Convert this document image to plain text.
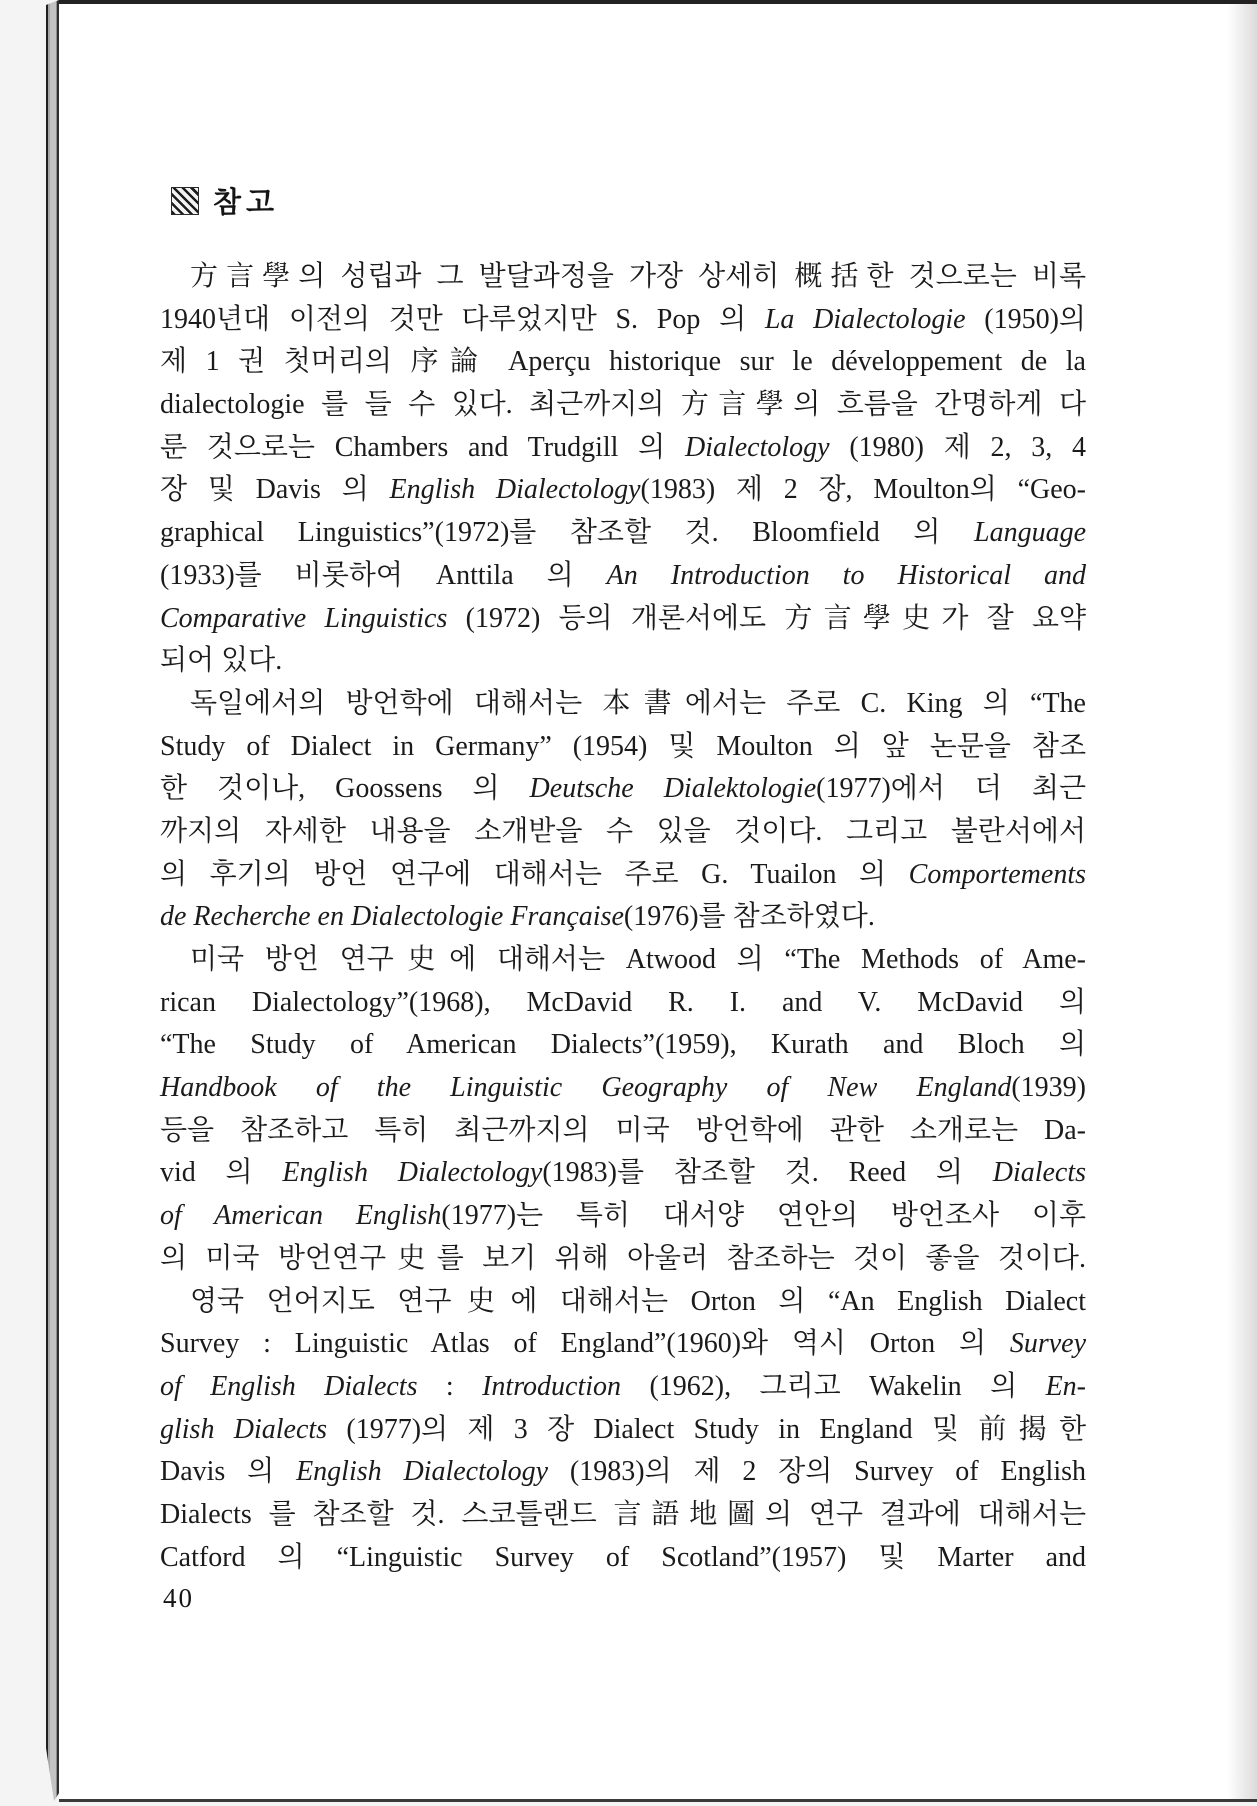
참고
方言學의 성립과 그 발달과정을 가장 상세히 概括한 것으로는 비록
1940년대 이전의 것만 다루었지만 S. Pop 의 La Dialectologie (1950)의
제 1 권 첫머리의 序論 Aperçu historique sur le développement de la
dialectologie 를 들 수 있다. 최근까지의 方言學의 흐름을 간명하게 다
룬 것으로는 Chambers and Trudgill 의 Dialectology (1980) 제 2, 3, 4
장 및 Davis 의 English Dialectology(1983) 제 2 장, Moulton의 “Geo-
graphical Linguistics”(1972)를 참조할 것. Bloomfield 의 Language
(1933)를 비롯하여 Anttila 의 An Introduction to Historical and
Comparative Linguistics (1972) 등의 개론서에도 方言學史가 잘 요약
되어 있다.
독일에서의 방언학에 대해서는 本書에서는 주로 C. King 의 “The
Study of Dialect in Germany” (1954) 및 Moulton 의 앞 논문을 참조
한 것이나, Goossens 의 Deutsche Dialektologie(1977)에서 더 최근
까지의 자세한 내용을 소개받을 수 있을 것이다. 그리고 불란서에서
의 후기의 방언 연구에 대해서는 주로 G. Tuailon 의 Comportements
de Recherche en Dialectologie Française(1976)를 참조하였다.
미국 방언 연구史에 대해서는 Atwood 의 “The Methods of Ame-
rican Dialectology”(1968), McDavid R. I. and V. McDavid 의
“The Study of American Dialects”(1959), Kurath and Bloch 의
Handbook of the Linguistic Geography of New England(1939)
등을 참조하고 특히 최근까지의 미국 방언학에 관한 소개로는 Da-
vid 의 English Dialectology(1983)를 참조할 것. Reed 의 Dialects
of American English(1977)는 특히 대서양 연안의 방언조사 이후
의 미국 방언연구史를 보기 위해 아울러 참조하는 것이 좋을 것이다.
영국 언어지도 연구史에 대해서는 Orton 의 “An English Dialect
Survey : Linguistic Atlas of England”(1960)와 역시 Orton 의 Survey
of English Dialects : Introduction (1962), 그리고 Wakelin 의 En-
glish Dialects (1977)의 제 3 장 Dialect Study in England 및 前揭한
Davis 의 English Dialectology (1983)의 제 2 장의 Survey of English
Dialects 를 참조할 것. 스코틀랜드 言語地圖의 연구 결과에 대해서는
Catford 의 “Linguistic Survey of Scotland”(1957) 및 Marter and
40
